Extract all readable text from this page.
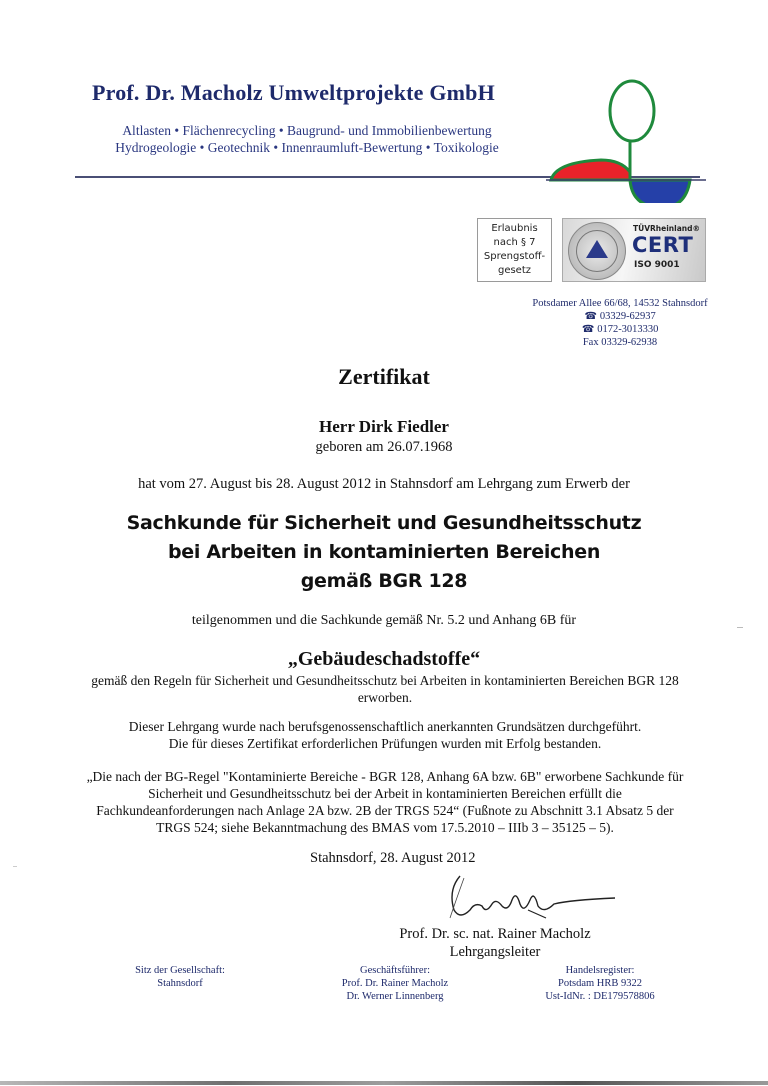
Prof. Dr. Macholz Umweltprojekte GmbH
Altlasten • Flächenrecycling • Baugrund- und Immobilienbewertung
Hydrogeologie • Geotechnik • Innenraumluft-Bewertung • Toxikologie
Erlaubnis
nach § 7
Sprengstoff-
gesetz
TÜVRheinland®
CERT
ISO 9001
Potsdamer Allee 66/68, 14532 Stahnsdorf
☎ 03329-62937
☎ 0172-3013330
Fax 03329-62938
Zertifikat
Herr Dirk Fiedler
geboren am 26.07.1968
hat vom 27. August bis 28. August 2012 in Stahnsdorf am Lehrgang zum Erwerb der
Sachkunde für Sicherheit und Gesundheitsschutz
bei Arbeiten in kontaminierten Bereichen
gemäß BGR 128
teilgenommen und die Sachkunde gemäß Nr. 5.2 und Anhang 6B für
„Gebäudeschadstoffe“
gemäß den Regeln für Sicherheit und Gesundheitsschutz bei Arbeiten in kontaminierten Bereichen BGR 128
erworben.
Dieser Lehrgang wurde nach berufsgenossenschaftlich anerkannten Grundsätzen durchgeführt.
Die für dieses Zertifikat erforderlichen Prüfungen wurden mit Erfolg bestanden.
„Die nach der BG-Regel "Kontaminierte Bereiche - BGR 128, Anhang 6A bzw. 6B" erworbene Sachkunde für
Sicherheit und Gesundheitsschutz bei der Arbeit in kontaminierten Bereichen erfüllt die
Fachkundeanforderungen nach Anlage 2A bzw. 2B der TRGS 524“ (Fußnote zu Abschnitt 3.1 Absatz 5 der
TRGS 524; siehe Bekanntmachung des BMAS vom 17.5.2010 – IIIb 3 – 35125 – 5).
Stahnsdorf, 28. August 2012
Prof. Dr. sc. nat. Rainer Macholz
Lehrgangsleiter
Sitz der Gesellschaft:
Stahnsdorf
Geschäftsführer:
Prof. Dr. Rainer Macholz
Dr. Werner Linnenberg
Handelsregister:
Potsdam HRB 9322
Ust-IdNr. : DE179578806
